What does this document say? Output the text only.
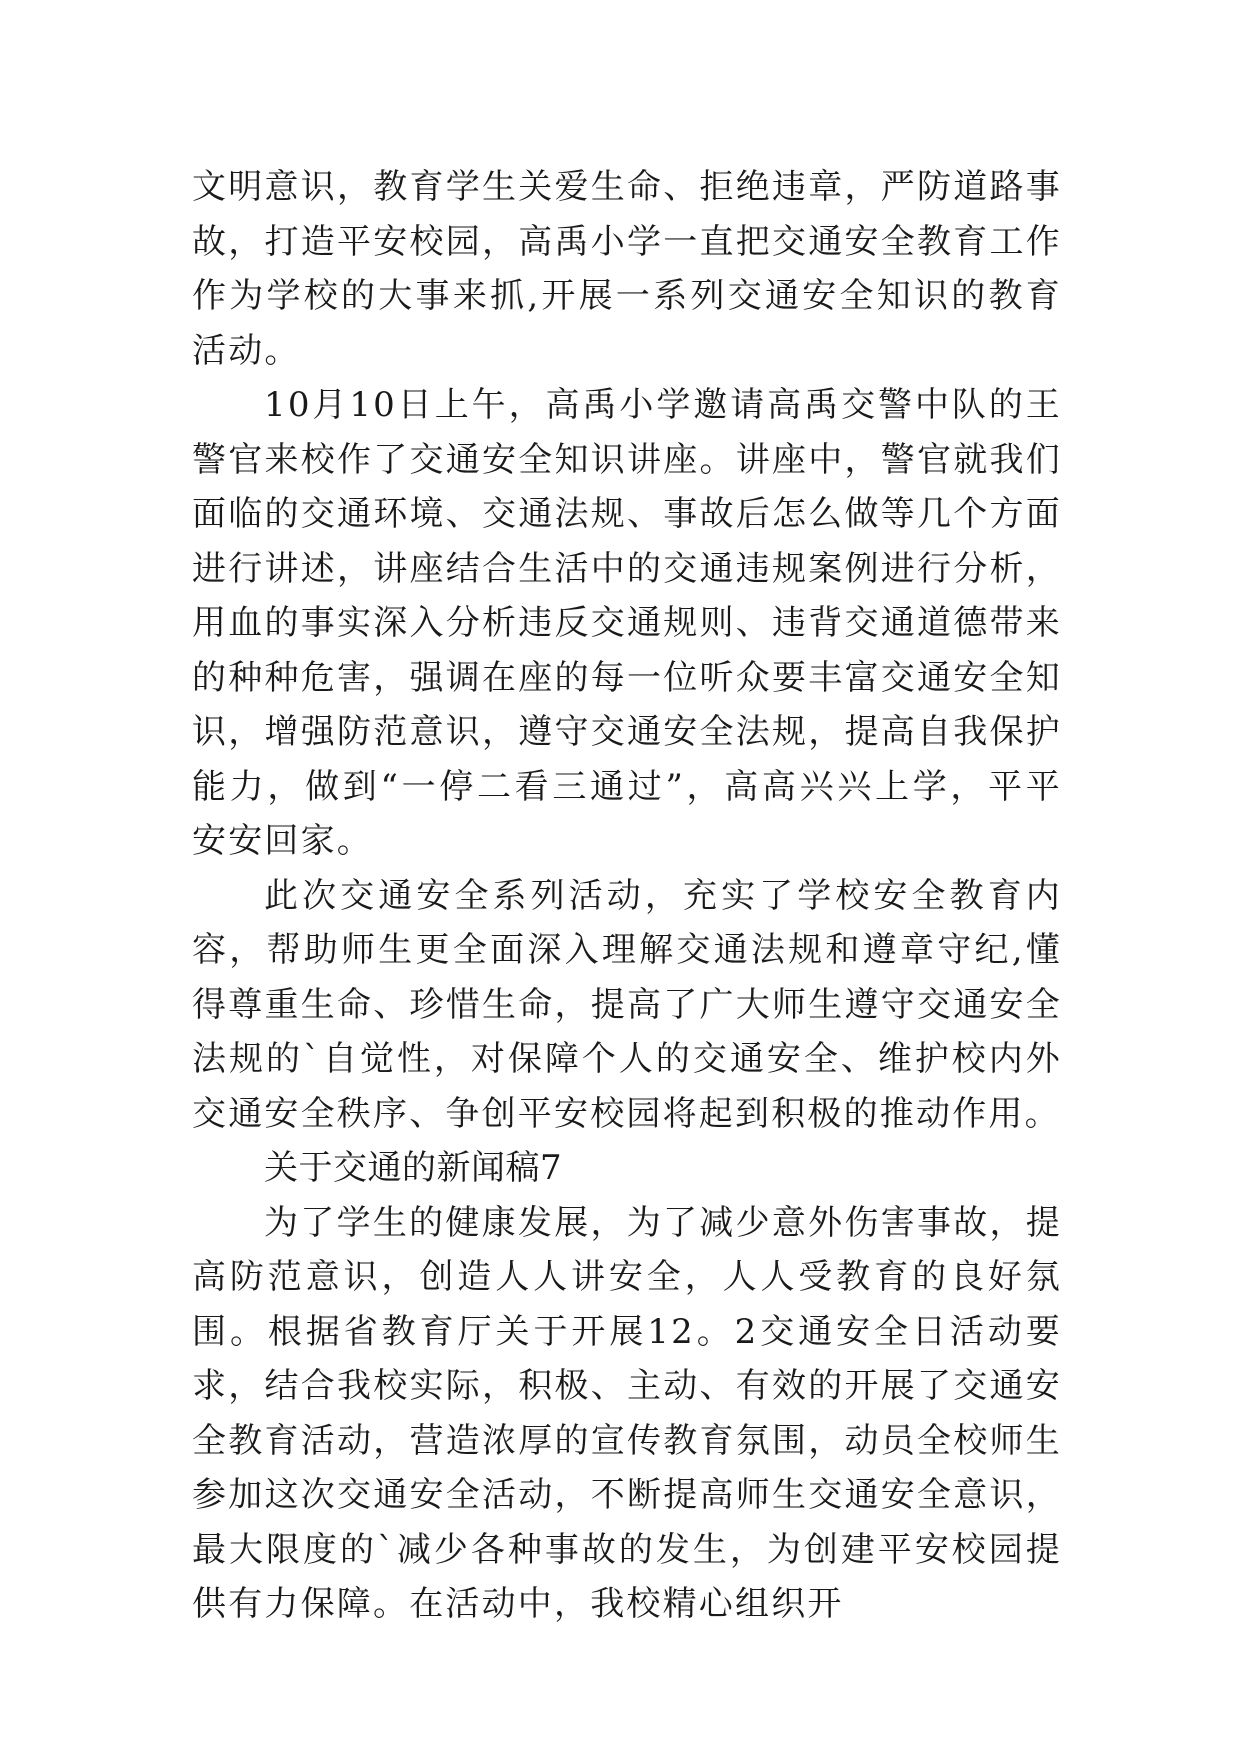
文明意识，教育学生关爱生命、拒绝违章，严防道路事故，打造平安校园，高禹小学一直把交通安全教育工作作为学校的大事来抓,开展一系列交通安全知识的教育活动。

10月10日上午，高禹小学邀请高禹交警中队的王警官来校作了交通安全知识讲座。讲座中，警官就我们面临的交通环境、交通法规、事故后怎么做等几个方面进行讲述，讲座结合生活中的交通违规案例进行分析，用血的事实深入分析违反交通规则、违背交通道德带来的种种危害，强调在座的每一位听众要丰富交通安全知识，增强防范意识，遵守交通安全法规，提高自我保护能力，做到“一停二看三通过”，高高兴兴上学，平平安安回家。

此次交通安全系列活动，充实了学校安全教育内容，帮助师生更全面深入理解交通法规和遵章守纪,懂得尊重生命、珍惜生命，提高了广大师生遵守交通安全法规的`自觉性，对保障个人的交通安全、维护校内外交通安全秩序、争创平安校园将起到积极的推动作用。

关于交通的新闻稿7

为了学生的健康发展，为了减少意外伤害事故，提高防范意识，创造人人讲安全，人人受教育的良好氛围。根据省教育厅关于开展12。2交通安全日活动要求，结合我校实际，积极、主动、有效的开展了交通安全教育活动，营造浓厚的宣传教育氛围，动员全校师生参加这次交通安全活动，不断提高师生交通安全意识，最大限度的`减少各种事故的发生，为创建平安校园提供有力保障。在活动中，我校精心组织开
